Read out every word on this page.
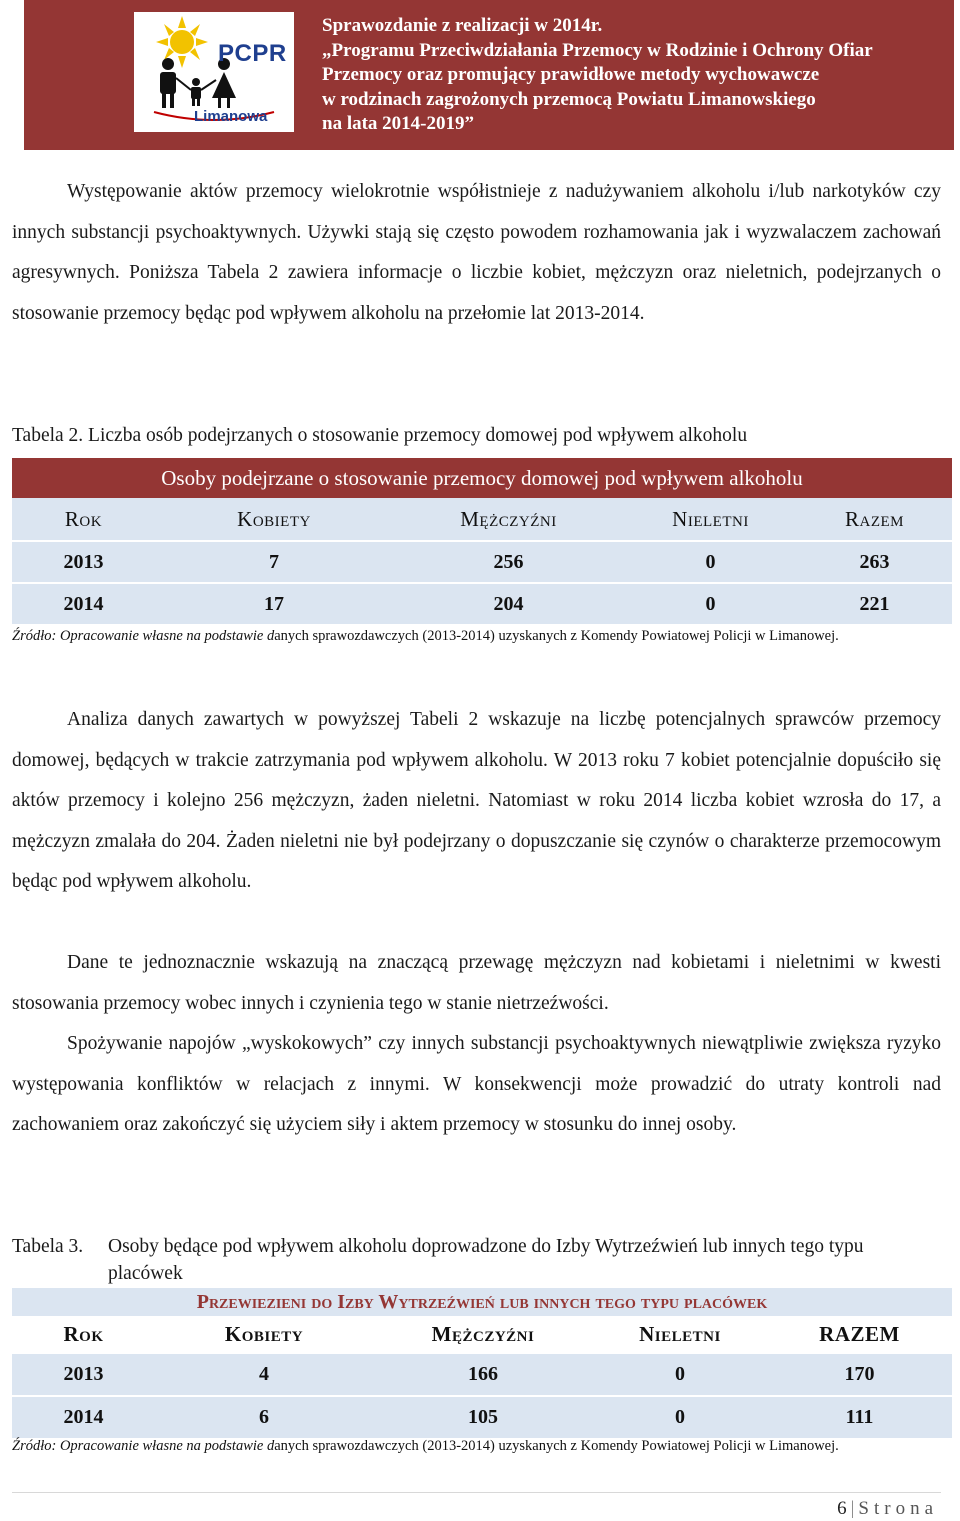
PCPR
Limanowa
Sprawozdanie z realizacji w 2014r.
„Programu Przeciwdziałania Przemocy w Rodzinie i Ochrony Ofiar
Przemocy oraz promujący prawidłowe metody wychowawcze
w rodzinach zagrożonych przemocą Powiatu Limanowskiego
na lata 2014-2019”
Występowanie aktów przemocy wielokrotnie współistnieje z nadużywaniem alkoholu i/lub narkotyków czy innych substancji psychoaktywnych. Używki stają się często powodem rozhamowania jak i wyzwalaczem zachowań agresywnych. Poniższa Tabela 2 zawiera informacje o liczbie kobiet, mężczyzn oraz nieletnich, podejrzanych o stosowanie przemocy będąc pod wpływem alkoholu na przełomie lat 2013-2014.
Tabela 2. Liczba osób podejrzanych o stosowanie przemocy domowej pod wpływem alkoholu
Osoby podejrzane o stosowanie przemocy domowej pod wpływem alkoholu				
Rok	Kobiety	Mężczyźni	Nieletni	Razem
2013	7	256	0	263
2014	17	204	0	221
Źródło: Opracowanie własne na podstawie danych sprawozdawczych (2013-2014) uzyskanych z Komendy Powiatowej Policji w Limanowej.
Analiza danych zawartych w powyższej Tabeli 2 wskazuje na liczbę potencjalnych sprawców przemocy domowej, będących w trakcie zatrzymania pod wpływem alkoholu. W 2013 roku 7 kobiet potencjalnie dopuściło się aktów przemocy i kolejno 256 mężczyzn, żaden nieletni. Natomiast w roku 2014 liczba kobiet wzrosła do 17, a mężczyzn zmalała do 204. Żaden nieletni nie był podejrzany o dopuszczanie się czynów o charakterze przemocowym będąc pod wpływem alkoholu.
Dane te jednoznacznie wskazują na znaczącą przewagę mężczyzn nad kobietami i nieletnimi w kwesti stosowania przemocy wobec innych i czynienia tego w stanie nietrzeźwości.
Spożywanie napojów „wyskokowych” czy innych substancji psychoaktywnych niewątpliwie zwiększa ryzyko występowania konfliktów w relacjach z innymi. W konsekwencji może prowadzić do utraty kontroli nad zachowaniem oraz zakończyć się użyciem siły i aktem przemocy w stosunku do innej osoby.
Tabela 3. Osoby będące pod wpływem alkoholu doprowadzone do Izby Wytrzeźwień lub innych tego typu placówek
Przewiezieni do Izby Wytrzeźwień lub innych tego typu placówek				
Rok	Kobiety	Mężczyźni	Nieletni	RAZEM
2013	4	166	0	170
2014	6	105	0	111
Źródło: Opracowanie własne na podstawie danych sprawozdawczych (2013-2014) uzyskanych z Komendy Powiatowej Policji w Limanowej.
6 | Strona
